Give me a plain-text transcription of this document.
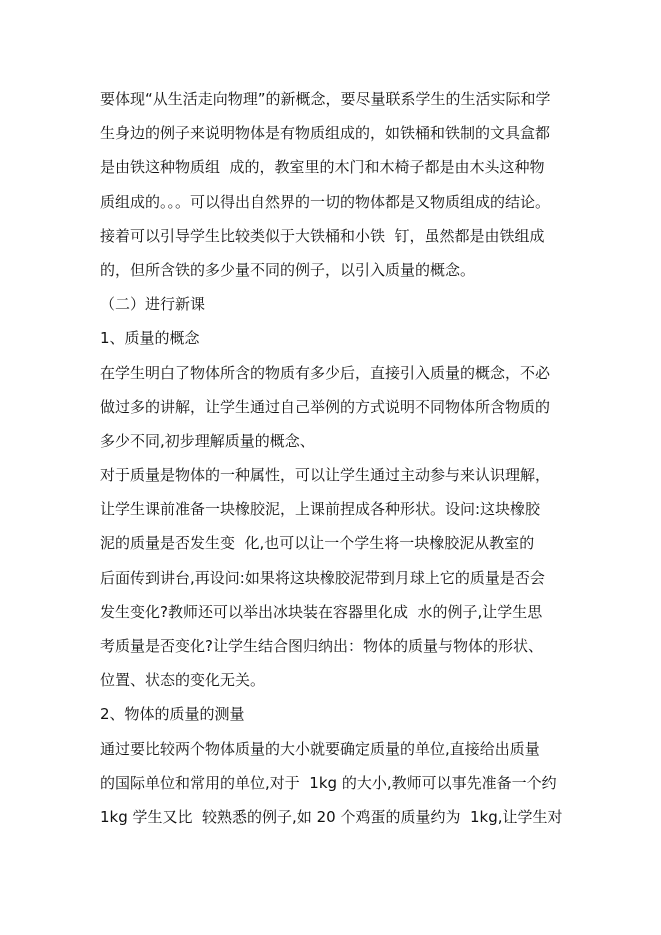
要体现“从生活走向物理”的新概念，要尽量联系学生的生活实际和学
生身边的例子来说明物体是有物质组成的，如铁桶和铁制的文具盒都
是由铁这种物质组  成的，教室里的木门和木椅子都是由木头这种物
质组成的。。。可以得出自然界的一切的物体都是又物质组成的结论。
接着可以引导学生比较类似于大铁桶和小铁  钉，虽然都是由铁组成
的，但所含铁的多少量不同的例子，以引入质量的概念。
（二）进行新课
1、质量的概念
在学生明白了物体所含的物质有多少后，直接引入质量的概念，不必
做过多的讲解，让学生通过自己举例的方式说明不同物体所含物质的
多少不同,初步理解质量的概念、
对于质量是物体的一种属性，可以让学生通过主动参与来认识理解，
让学生课前准备一块橡胶泥，上课前捏成各种形状。设问:这块橡胶
泥的质量是否发生变  化,也可以让一个学生将一块橡胶泥从教室的
后面传到讲台,再设问:如果将这块橡胶泥带到月球上它的质量是否会
发生变化?教师还可以举出冰块装在容器里化成  水的例子,让学生思
考质量是否变化?让学生结合图归纳出：物体的质量与物体的形状、
位置、状态的变化无关。
2、物体的质量的测量
通过要比较两个物体质量的大小就要确定质量的单位,直接给出质量
的国际单位和常用的单位,对于  1kg 的大小,教师可以事先准备一个约
1kg 学生又比  较熟悉的例子,如 20 个鸡蛋的质量约为  1kg,让学生对
